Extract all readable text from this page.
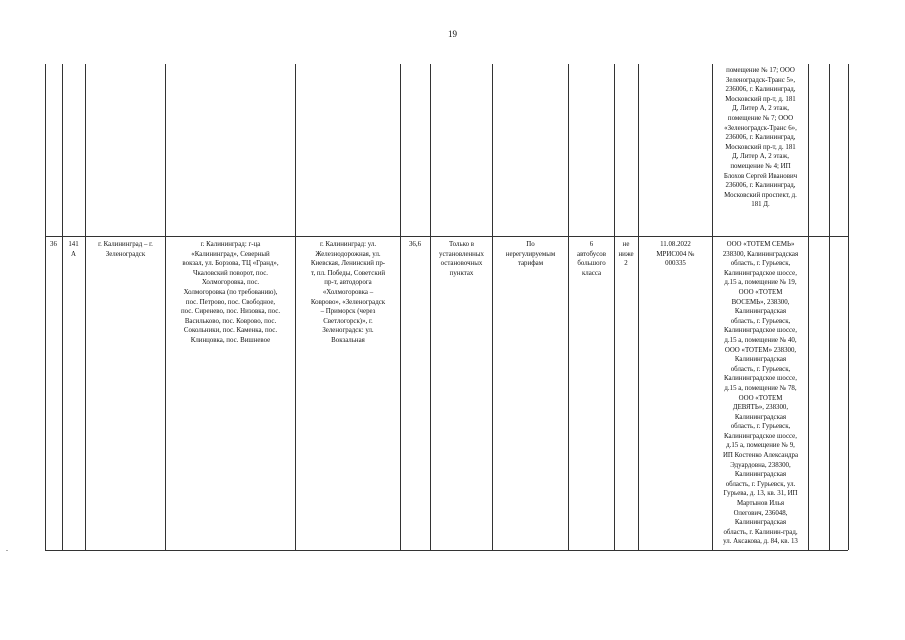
19
помещение № 17; ООО
Зеленоградск-Транс 5»,
236006, г. Калининград,
Московский пр-т, д. 181
Д, Литер А, 2 этаж,
помещение № 7; ООО
«Зеленоградск-Транс 6»,
236006, г. Калининград,
Московский пр-т, д. 181
Д, Литер А, 2 этаж,
помещение № 4; ИП
Блохов Сергей Иванович
236006, г. Калининград,
Московский проспект, д.
181 Д.
36	141
А
г. Калининград – г.
Зеленоградск
г. Калининград: г-ца
«Калининград», Северный
вокзал, ул. Борзова, ТЦ «Гранд»,
Чкаловский поворот, пос.
Холмогоровка, пос.
Холмогоровка (по требованию),
пос. Петрово, пос. Свободное,
пос. Сиренево, пос. Низовка, пос.
Васильково, пос. Коврово, пос.
Сокольники, пос. Каменка, пос.
Клинцовка, пос. Вишневое
г. Калининград: ул.
Железнодорожная, ул.
Киевская, Ленинский пр-
т, пл. Победы, Советский
пр-т, автодорога
«Холмогоровка –
Коврово», «Зеленоградск
– Приморск (через
Светлогорск)», г.
Зеленоградск: ул.
Вокзальная
36,6	Только в
установленных
остановочных
пунктах
По
нерегулируемым
тарифам
6
автобусов
большого
класса
не
ниже
2
11.08.2022
МРИС004 №
000335
ООО «ТОТЕМ СЕМЬ»
238300, Калининградская
область, г. Гурьевск,
Калининградское шоссе,
д.15 а, помещение № 19,
ООО «ТОТЕМ
ВОСЕМЬ», 238300,
Калининградская
область, г. Гурьевск,
Калининградское шоссе,
д.15 а, помещение № 40,
ООО «ТОТЕМ» 238300,
Калининградская
область, г. Гурьевск,
Калининградское шоссе,
д.15 а, помещение № 78,
ООО «ТОТЕМ
ДЕВЯТЬ», 238300,
Калининградская
область, г. Гурьевск,
Калининградское шоссе,
д.15 а, помещение № 9,
ИП Костенко Александра
Эдуардовна, 238300,
Калининградская
область, г. Гурьевск, ул.
Гурьева, д. 13, кв. 31, ИП
Мартынов Илья
Олегович, 236048,
Калининградская
область, г. Калинин-град,
ул. Аксакова, д. 84, кв. 13
-
